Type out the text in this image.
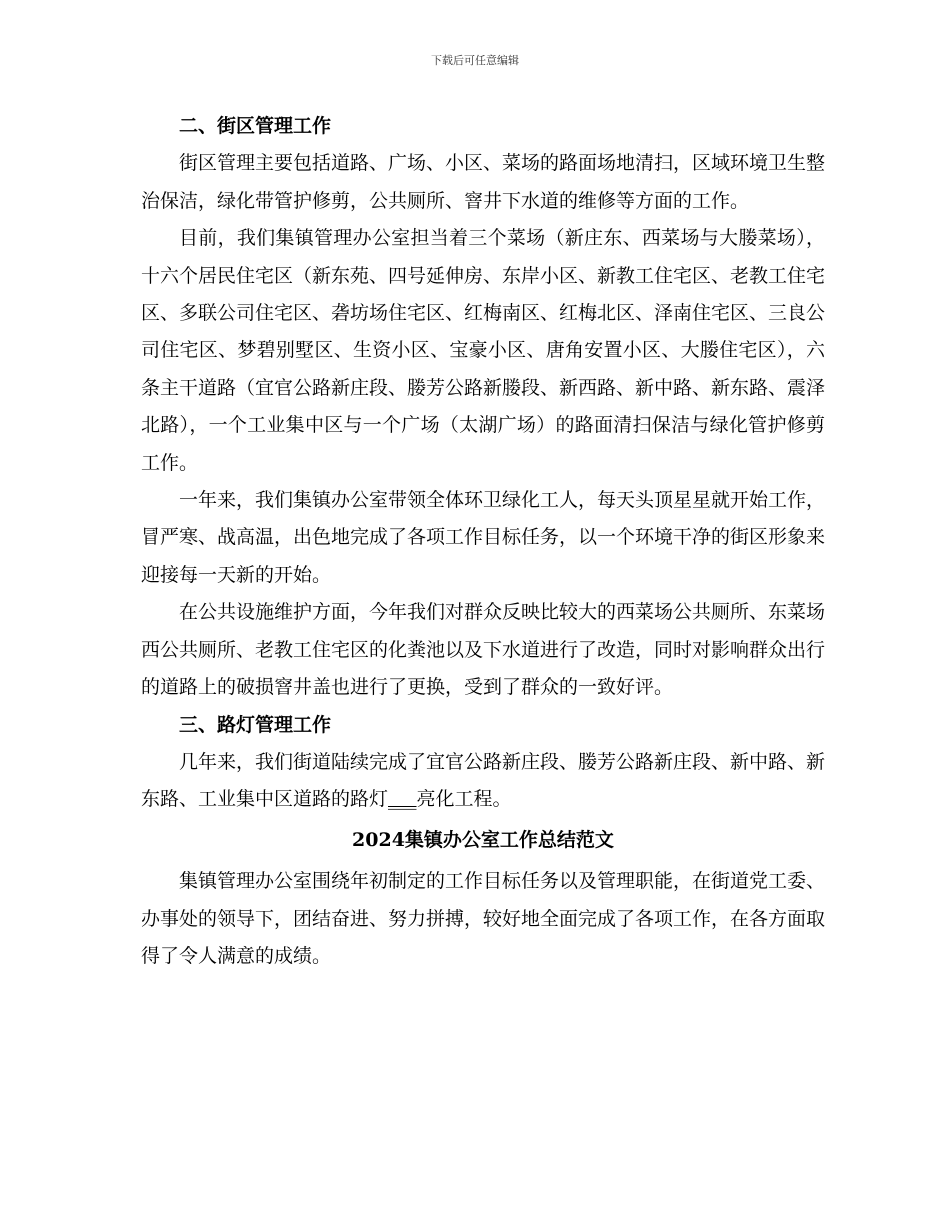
下载后可任意编辑
二、街区管理工作

街区管理主要包括道路、广场、小区、菜场的路面场地清扫，区域环境卫生整治保洁，绿化带管护修剪，公共厕所、窨井下水道的维修等方面的工作。

目前，我们集镇管理办公室担当着三个菜场（新庄东、西菜场与大媵菜场），十六个居民住宅区（新东苑、四号延伸房、东岸小区、新教工住宅区、老教工住宅区、多联公司住宅区、砻坊场住宅区、红梅南区、红梅北区、泽南住宅区、三良公司住宅区、梦碧别墅区、生资小区、宝豪小区、唐角安置小区、大媵住宅区），六条主干道路（宜官公路新庄段、媵芳公路新媵段、新西路、新中路、新东路、震泽北路），一个工业集中区与一个广场（太湖广场）的路面清扫保洁与绿化管护修剪工作。

一年来，我们集镇办公室带领全体环卫绿化工人，每天头顶星星就开始工作，冒严寒、战高温，出色地完成了各项工作目标任务，以一个环境干净的街区形象来迎接每一天新的开始。

在公共设施维护方面，今年我们对群众反映比较大的西菜场公共厕所、东菜场西公共厕所、老教工住宅区的化粪池以及下水道进行了改造，同时对影响群众出行的道路上的破损窨井盖也进行了更换，受到了群众的一致好评。

三、路灯管理工作

几年来，我们街道陆续完成了宜官公路新庄段、媵芳公路新庄段、新中路、新东路、工业集中区道路的路灯___亮化工程。

2024集镇办公室工作总结范文

集镇管理办公室围绕年初制定的工作目标任务以及管理职能，在街道党工委、办事处的领导下，团结奋进、努力拼搏，较好地全面完成了各项工作，在各方面取得了令人满意的成绩。
